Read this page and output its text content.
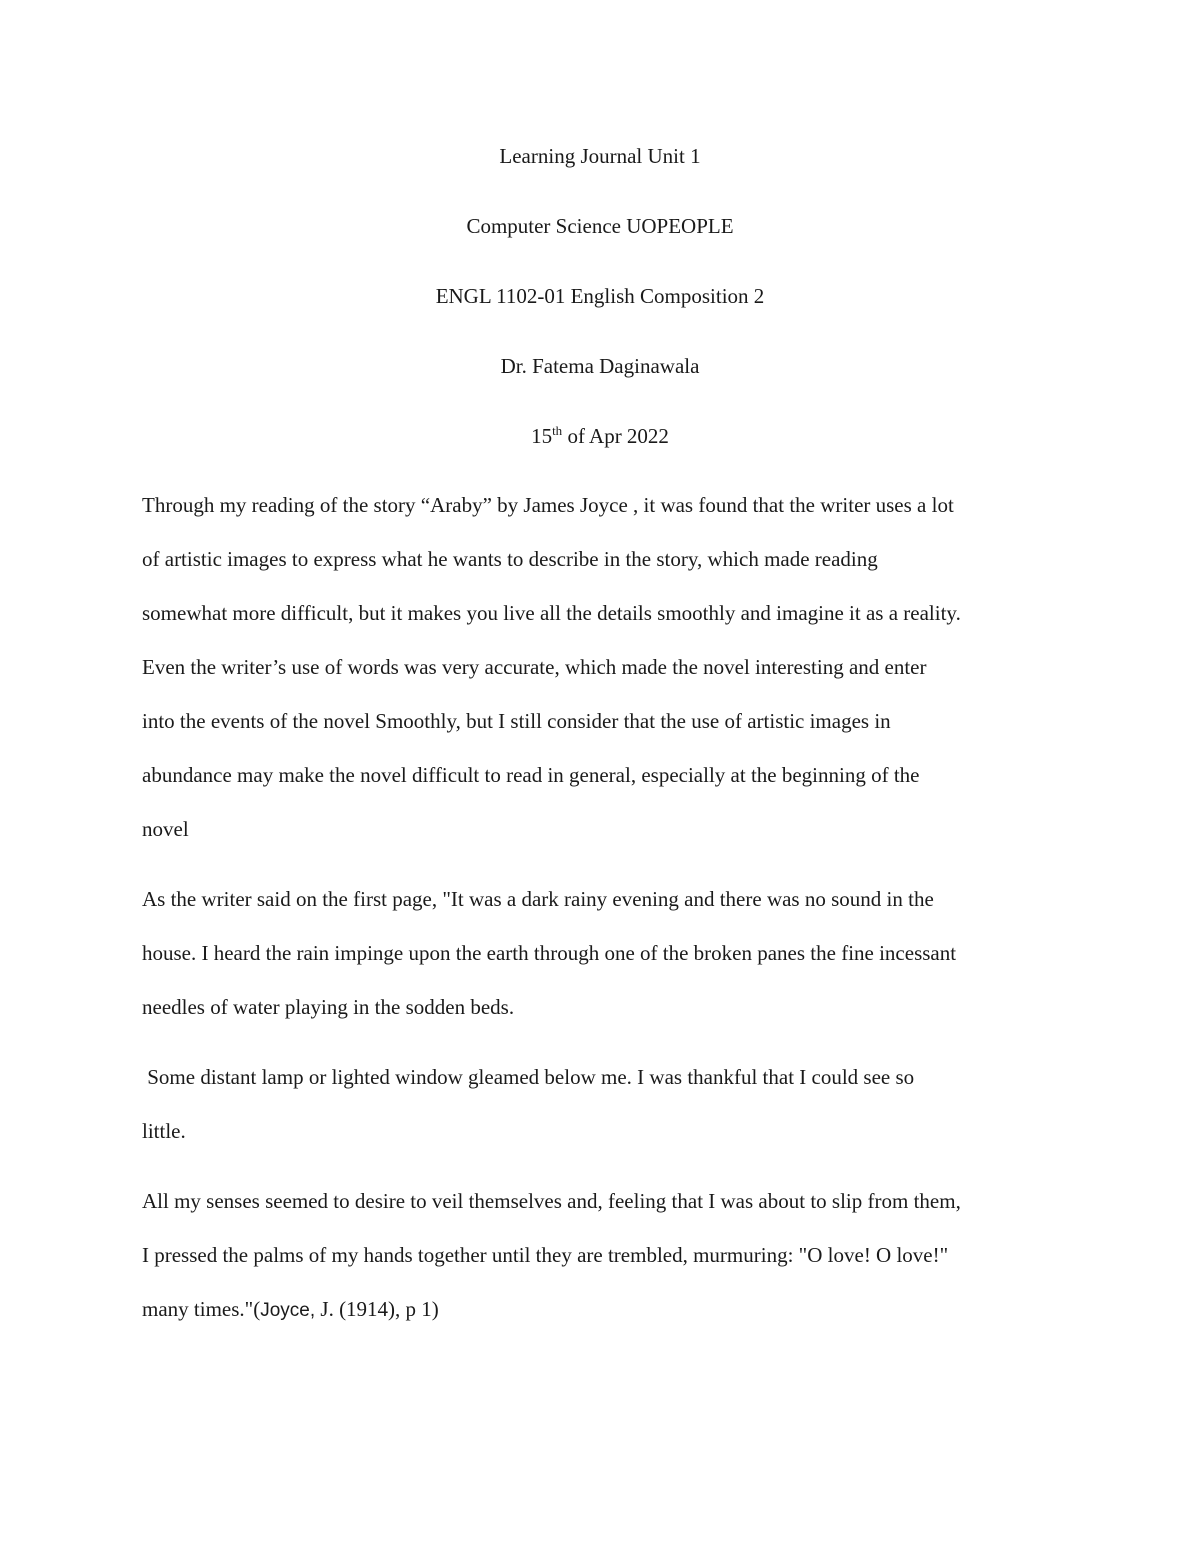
Learning Journal Unit 1

Computer Science UOPEOPLE

ENGL 1102-01 English Composition 2

Dr. Fatema Daginawala

15th of Apr 2022

Through my reading of the story “Araby” by James Joyce , it was found that the writer uses a lot
of artistic images to express what he wants to describe in the story, which made reading
somewhat more difficult, but it makes you live all the details smoothly and imagine it as a reality.
Even the writer’s use of words was very accurate, which made the novel interesting and enter
into the events of the novel Smoothly, but I still consider that the use of artistic images in
abundance may make the novel difficult to read in general, especially at the beginning of the
novel
As the writer said on the first page, "It was a dark rainy evening and there was no sound in the
house. I heard the rain impinge upon the earth through one of the broken panes the fine incessant
needles of water playing in the sodden beds.
Some distant lamp or lighted window gleamed below me. I was thankful that I could see so
little.
All my senses seemed to desire to veil themselves and, feeling that I was about to slip from them,
I pressed the palms of my hands together until they are trembled, murmuring: "O love! O love!"
many times."(Joyce, J. (1914), p 1)
